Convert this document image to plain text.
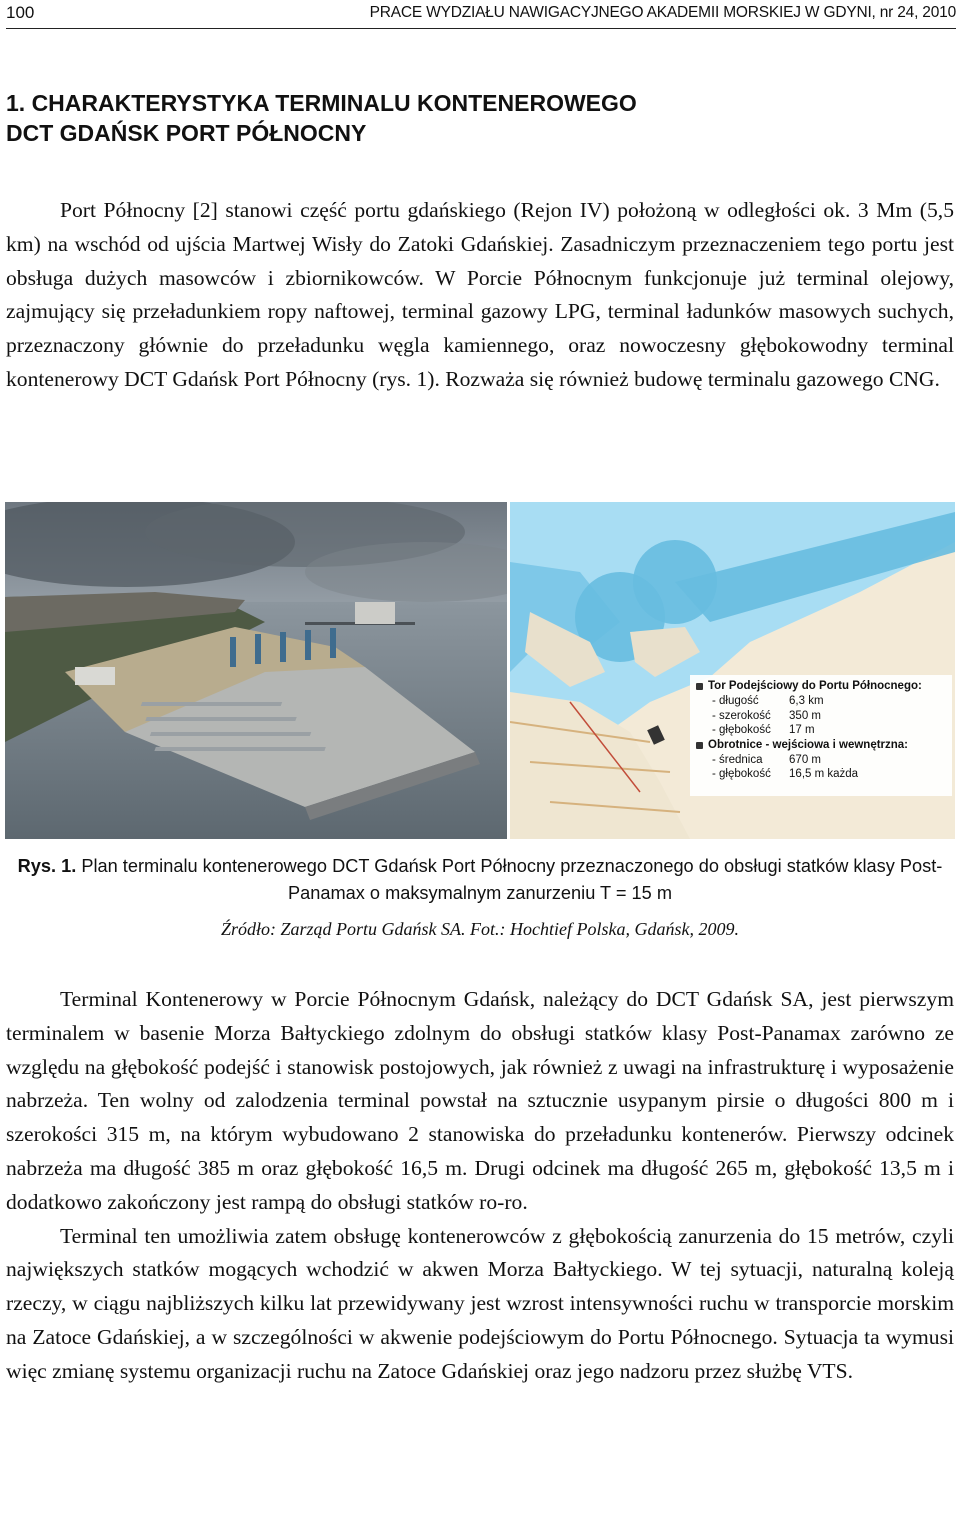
100	PRACE WYDZIAŁU NAWIGACYJNEGO AKADEMII MORSKIEJ W GDYNI, nr 24, 2010
1. CHARAKTERYSTYKA TERMINALU KONTENEROWEGO
DCT GDAŃSK PORT PÓŁNOCNY

Port Północny [2] stanowi część portu gdańskiego (Rejon IV) położoną w odległości ok. 3 Mm (5,5 km) na wschód od ujścia Martwej Wisły do Zatoki Gdańskiej. Zasadniczym przeznaczeniem tego portu jest obsługa dużych masowców i zbiornikowców. W Porcie Północnym funkcjonuje już terminal olejowy, zajmujący się przeładunkiem ropy naftowej, terminal gazowy LPG, terminal ładunków masowych suchych, przeznaczony głównie do przeładunku węgla kamiennego, oraz nowoczesny głębokowodny terminal kontenerowy DCT Gdańsk Port Północny (rys. 1). Rozważa się również budowę terminalu gazowego CNG.

Tor Podejściowy do Portu Północnego:
- długość	6,3 km
- szerokość 350 m
- głębokość 17 m
Obrotnice - wejściowa i wewnętrzna:
- średnica 670 m
- głębokość 16,5 m każda
Rys. 1. Plan terminalu kontenerowego DCT Gdańsk Port Północny przeznaczonego do obsługi statków klasy Post-Panamax o maksymalnym zanurzeniu T = 15 m
Źródło: Zarząd Portu Gdańsk SA. Fot.: Hochtief Polska, Gdańsk, 2009.

Terminal Kontenerowy w Porcie Północnym Gdańsk, należący do DCT Gdańsk SA, jest pierwszym terminalem w basenie Morza Bałtyckiego zdolnym do obsługi statków klasy Post-Panamax zarówno ze względu na głębokość podejść i stanowisk postojowych, jak również z uwagi na infrastrukturę i wyposażenie nabrzeża. Ten wolny od zalodzenia terminal powstał na sztucznie usypanym pirsie o długości 800 m i szerokości 315 m, na którym wybudowano 2 stanowiska do przeładunku kontenerów. Pierwszy odcinek nabrzeża ma długość 385 m oraz głębokość 16,5 m. Drugi odcinek ma długość 265 m, głębokość 13,5 m i dodatkowo zakończony jest rampą do obsługi statków ro-ro.

Terminal ten umożliwia zatem obsługę kontenerowców z głębokością zanurzenia do 15 metrów, czyli największych statków mogących wchodzić w akwen Morza Bałtyckiego. W tej sytuacji, naturalną koleją rzeczy, w ciągu najbliższych kilku lat przewidywany jest wzrost intensywności ruchu w transporcie morskim na Zatoce Gdańskiej, a w szczególności w akwenie podejściowym do Portu Północnego. Sytuacja ta wymusi więc zmianę systemu organizacji ruchu na Zatoce Gdańskiej oraz jego nadzoru przez służbę VTS.
